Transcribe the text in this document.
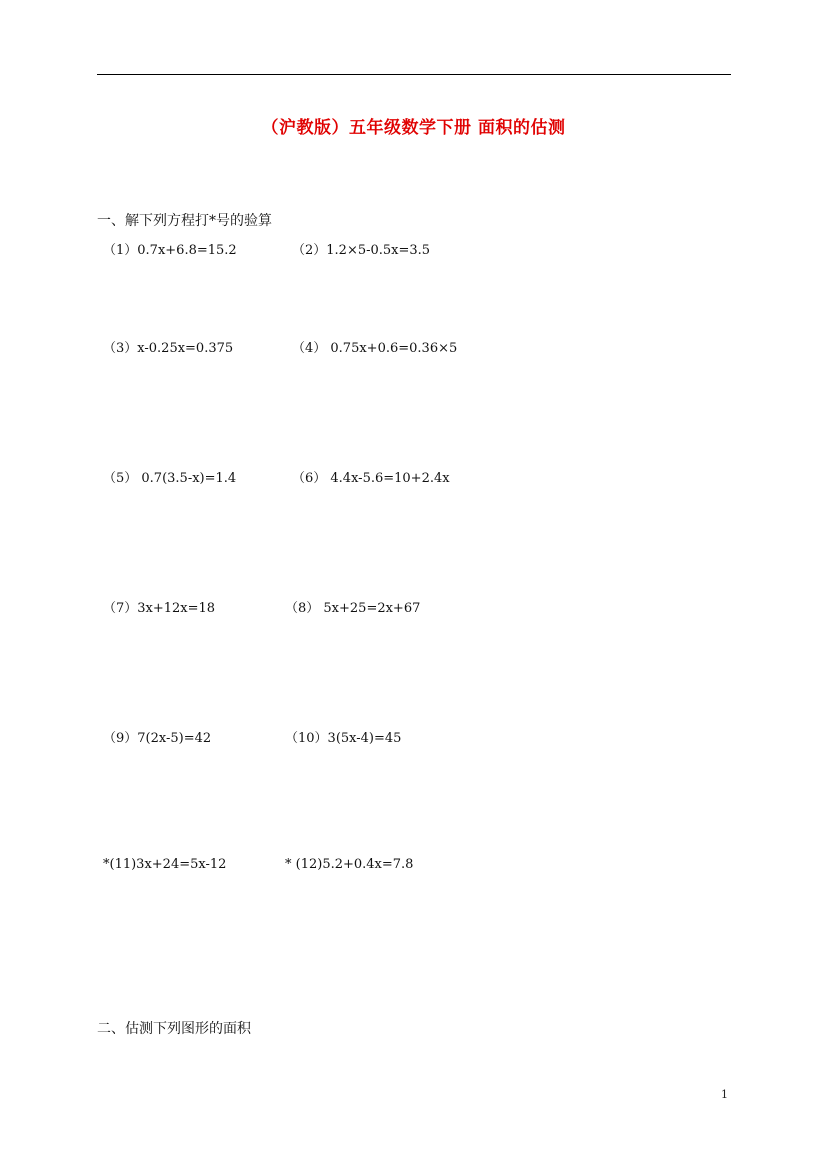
（沪教版）五年级数学下册 面积的估测
一、解下列方程打*号的验算
（1）0.7x+6.8=15.2	（2）1.2×5-0.5x=3.5
（3）x-0.25x=0.375	（4） 0.75x+0.6=0.36×5
（5） 0.7(3.5-x)=1.4	（6） 4.4x-5.6=10+2.4x
（7）3x+12x=18	（8） 5x+25=2x+67
（9）7(2x-5)=42	（10）3(5x-4)=45
*(11)3x+24=5x-12	* (12)5.2+0.4x=7.8
二、估测下列图形的面积
1
